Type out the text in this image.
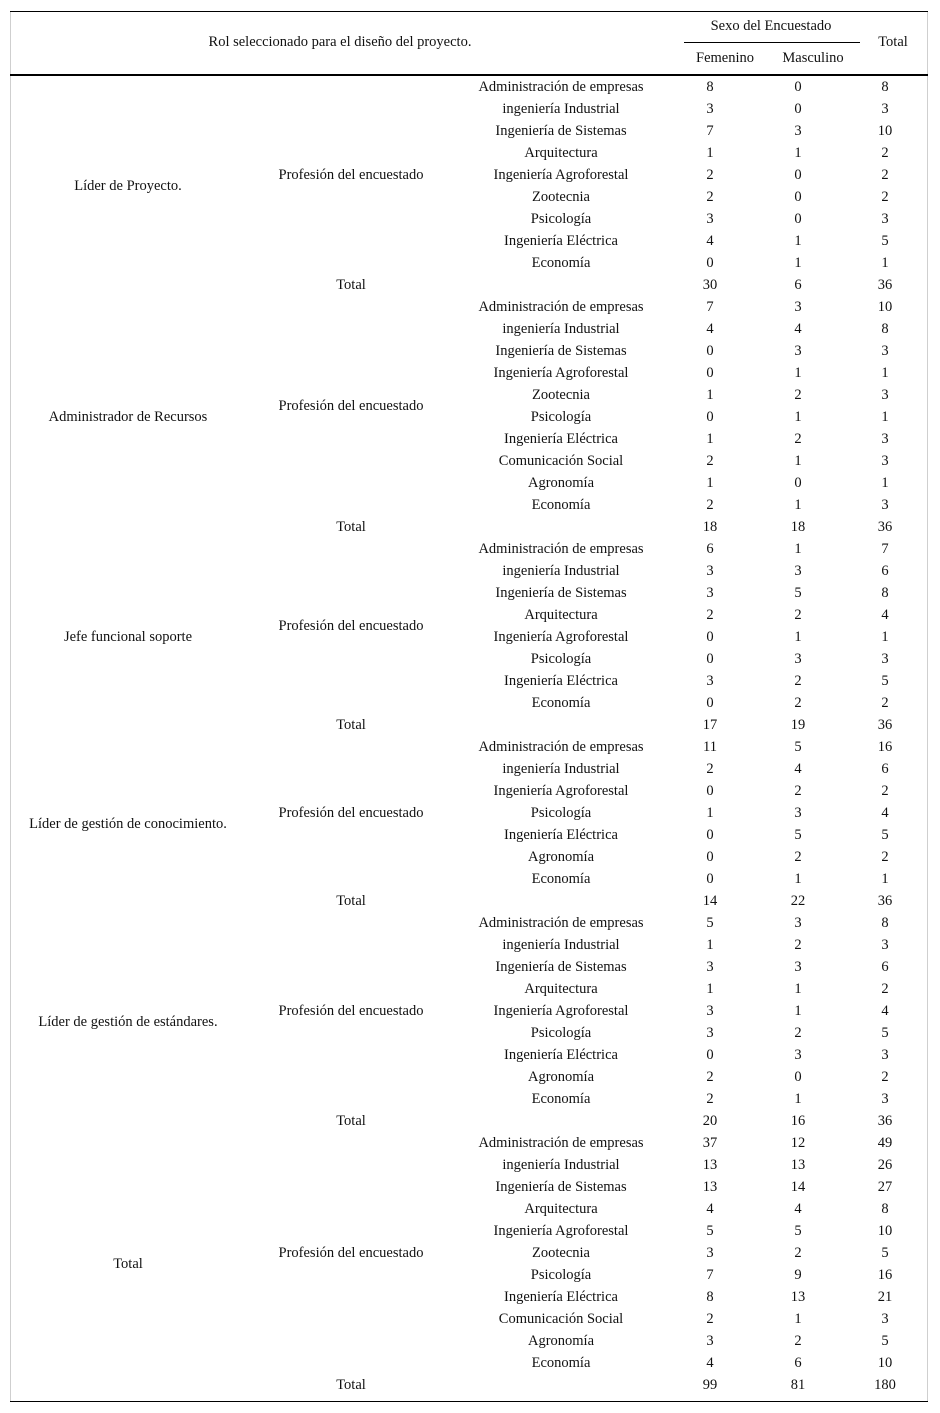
Rol seleccionado para el diseño del proyecto.
Sexo del Encuestado
Femenino	Masculino
Total
Líder de Proyecto.	Profesión del encuestado	Administración de empresas	8	0	8
		ingeniería Industrial	3	0	3
		Ingeniería de Sistemas	7	3	10
		Arquitectura	1	1	2
		Ingeniería Agroforestal	2	0	2
		Zootecnia	2	0	2
		Psicología	3	0	3
		Ingeniería Eléctrica	4	1	5
		Economía	0	1	1
	Total		30	6	36
Administrador de Recursos	Profesión del encuestado	Administración de empresas	7	3	10
		ingeniería Industrial	4	4	8
		Ingeniería de Sistemas	0	3	3
		Ingeniería Agroforestal	0	1	1
		Zootecnia	1	2	3
		Psicología	0	1	1
		Ingeniería Eléctrica	1	2	3
		Comunicación Social	2	1	3
		Agronomía	1	0	1
		Economía	2	1	3
	Total		18	18	36
Jefe funcional soporte	Profesión del encuestado	Administración de empresas	6	1	7
		ingeniería Industrial	3	3	6
		Ingeniería de Sistemas	3	5	8
		Arquitectura	2	2	4
		Ingeniería Agroforestal	0	1	1
		Psicología	0	3	3
		Ingeniería Eléctrica	3	2	5
		Economía	0	2	2
	Total		17	19	36
Líder de gestión de conocimiento.	Profesión del encuestado	Administración de empresas	11	5	16
		ingeniería Industrial	2	4	6
		Ingeniería Agroforestal	0	2	2
		Psicología	1	3	4
		Ingeniería Eléctrica	0	5	5
		Agronomía	0	2	2
		Economía	0	1	1
	Total		14	22	36
Líder de gestión de estándares.	Profesión del encuestado	Administración de empresas	5	3	8
		ingeniería Industrial	1	2	3
		Ingeniería de Sistemas	3	3	6
		Arquitectura	1	1	2
		Ingeniería Agroforestal	3	1	4
		Psicología	3	2	5
		Ingeniería Eléctrica	0	3	3
		Agronomía	2	0	2
		Economía	2	1	3
	Total		20	16	36
Total	Profesión del encuestado	Administración de empresas	37	12	49
		ingeniería Industrial	13	13	26
		Ingeniería de Sistemas	13	14	27
		Arquitectura	4	4	8
		Ingeniería Agroforestal	5	5	10
		Zootecnia	3	2	5
		Psicología	7	9	16
		Ingeniería Eléctrica	8	13	21
		Comunicación Social	2	1	3
		Agronomía	3	2	5
		Economía	4	6	10
	Total		99	81	180
